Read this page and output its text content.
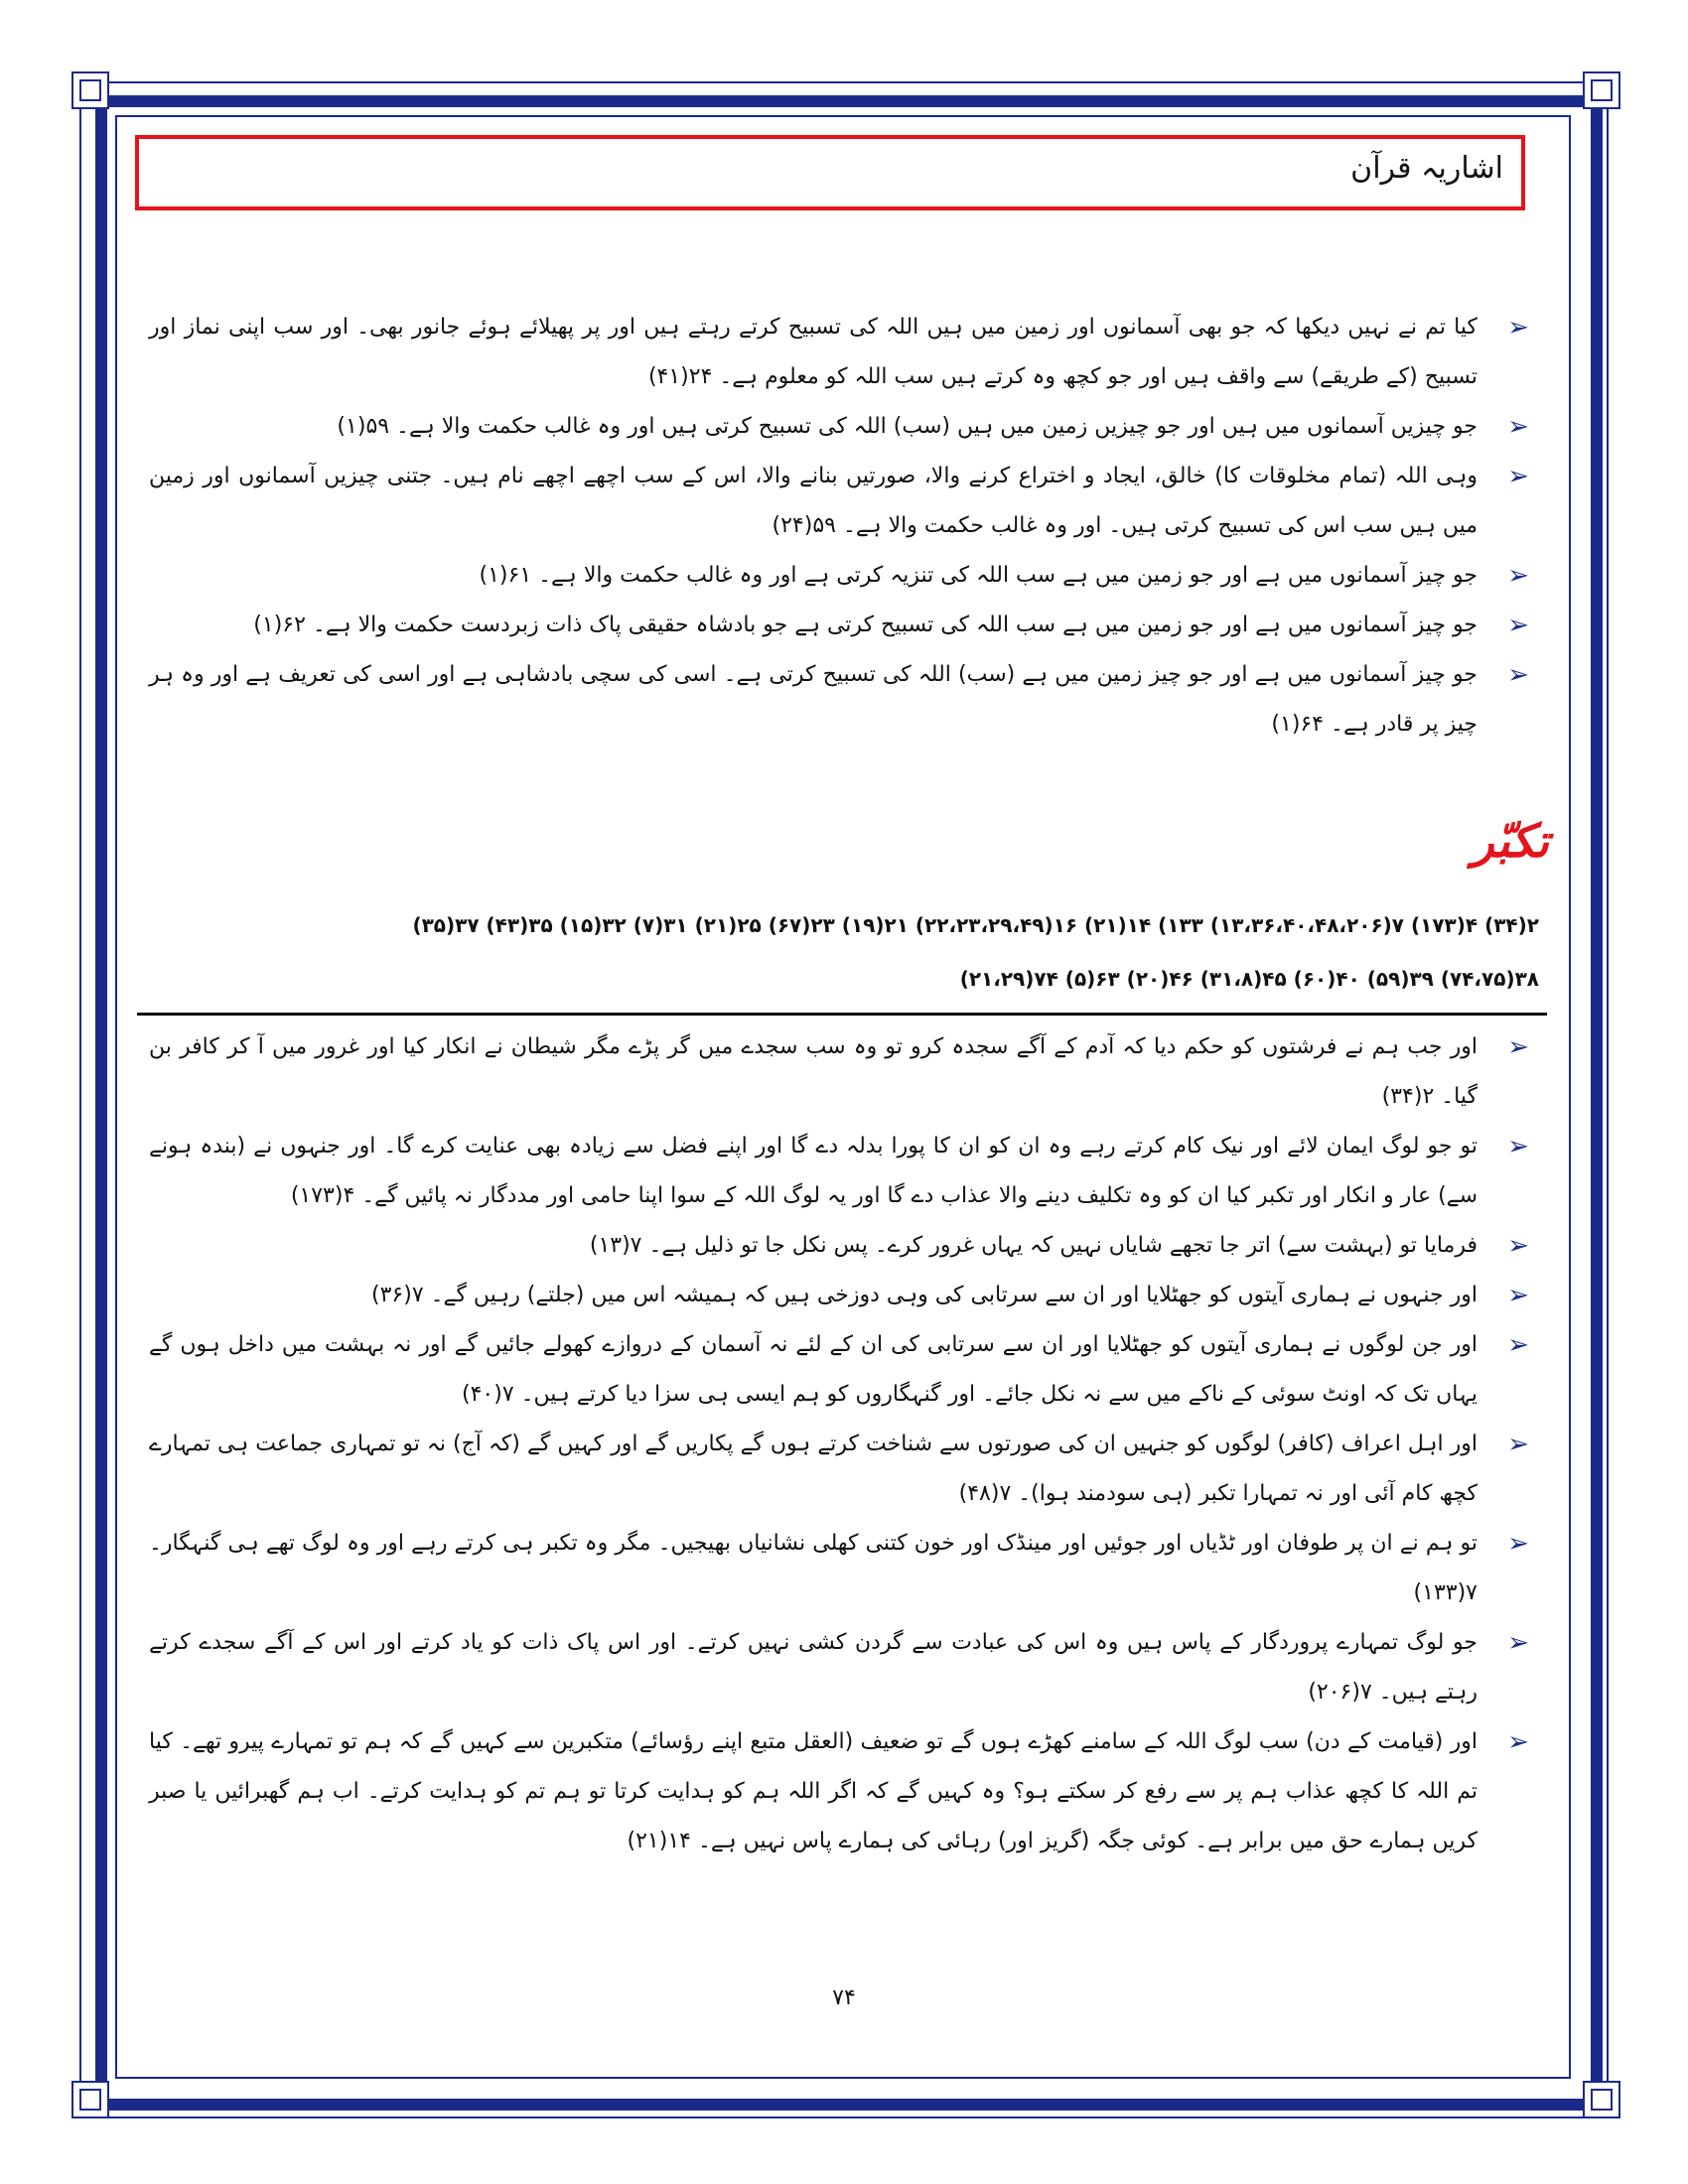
اشاریہ قرآن
➢
کیا تم نے نہیں دیکھا کہ جو بھی آسمانوں اور زمین میں ہیں اللہ کی تسبیح کرتے رہتے ہیں اور پر پھیلائے ہوئے جانور بھی۔ اور سب اپنی نماز اور تسبیح (کے طریقے) سے واقف ہیں اور جو کچھ وہ کرتے ہیں سب اللہ کو معلوم ہے۔ ۲۴(۴۱)
➢
جو چیزیں آسمانوں میں ہیں اور جو چیزیں زمین میں ہیں (سب) اللہ کی تسبیح کرتی ہیں اور وہ غالب حکمت والا ہے۔ ۵۹(۱)
➢
وہی اللہ (تمام مخلوقات کا) خالق، ایجاد و اختراع کرنے والا، صورتیں بنانے والا، اس کے سب اچھے اچھے نام ہیں۔ جتنی چیزیں آسمانوں اور زمین میں ہیں سب اس کی تسبیح کرتی ہیں۔ اور وہ غالب حکمت والا ہے۔ ۵۹(۲۴)
➢
جو چیز آسمانوں میں ہے اور جو زمین میں ہے سب اللہ کی تنزیہ کرتی ہے اور وہ غالب حکمت والا ہے۔ ۶۱(۱)
➢
جو چیز آسمانوں میں ہے اور جو زمین میں ہے سب اللہ کی تسبیح کرتی ہے جو بادشاہ حقیقی پاک ذات زبردست حکمت والا ہے۔ ۶۲(۱)
➢
جو چیز آسمانوں میں ہے اور جو چیز زمین میں ہے (سب) اللہ کی تسبیح کرتی ہے۔ اسی کی سچی بادشاہی ہے اور اسی کی تعریف ہے اور وہ ہر چیز پر قادر ہے۔ ۶۴(۱)
تکبّر
۲(۳۴) ۴(۱۷۳) ۷(۱۳،۳۶،۴۰،۴۸،۲۰۶) ۱۳۳) ۱۴(۲۱) ۱۶(۲۲،۲۳،۲۹،۴۹) ۲۱(۱۹) ۲۳(۶۷) ۲۵(۲۱) ۳۱(۷) ۳۲(۱۵) ۳۵(۴۳) ۳۷(۳۵)
۳۸(۷۴،۷۵) ۳۹(۵۹) ۴۰(۶۰) ۴۵(۳۱،۸) ۴۶(۲۰) ۶۳(۵) ۷۴(۲۱،۲۹)
➢
اور جب ہم نے فرشتوں کو حکم دیا کہ آدم کے آگے سجدہ کرو تو وہ سب سجدے میں گر پڑے مگر شیطان نے انکار کیا اور غرور میں آ کر کافر بن گیا۔ ۲(۳۴)
➢
تو جو لوگ ایمان لائے اور نیک کام کرتے رہے وہ ان کو ان کا پورا بدلہ دے گا اور اپنے فضل سے زیادہ بھی عنایت کرے گا۔ اور جنہوں نے (بندہ ہونے سے) عار و انکار اور تکبر کیا ان کو وہ تکلیف دینے والا عذاب دے گا اور یہ لوگ اللہ کے سوا اپنا حامی اور مددگار نہ پائیں گے۔ ۴(۱۷۳)
➢
فرمایا تو (بہشت سے) اتر جا تجھے شایاں نہیں کہ یہاں غرور کرے۔ پس نکل جا تو ذلیل ہے۔ ۷(۱۳)
➢
اور جنہوں نے ہماری آیتوں کو جھٹلایا اور ان سے سرتابی کی وہی دوزخی ہیں کہ ہمیشہ اس میں (جلتے) رہیں گے۔ ۷(۳۶)
➢
اور جن لوگوں نے ہماری آیتوں کو جھٹلایا اور ان سے سرتابی کی ان کے لئے نہ آسمان کے دروازے کھولے جائیں گے اور نہ بہشت میں داخل ہوں گے یہاں تک کہ اونٹ سوئی کے ناکے میں سے نہ نکل جائے۔ اور گنہگاروں کو ہم ایسی ہی سزا دیا کرتے ہیں۔ ۷(۴۰)
➢
اور اہل اعراف (کافر) لوگوں کو جنہیں ان کی صورتوں سے شناخت کرتے ہوں گے پکاریں گے اور کہیں گے (کہ آج) نہ تو تمہاری جماعت ہی تمہارے کچھ کام آئی اور نہ تمہارا تکبر (ہی سودمند ہوا)۔ ۷(۴۸)
➢
تو ہم نے ان پر طوفان اور ٹڈیاں اور جوئیں اور مینڈک اور خون کتنی کھلی نشانیاں بھیجیں۔ مگر وہ تکبر ہی کرتے رہے اور وہ لوگ تھے ہی گنہگار۔ ۷(۱۳۳)
➢
جو لوگ تمہارے پروردگار کے پاس ہیں وہ اس کی عبادت سے گردن کشی نہیں کرتے۔ اور اس پاک ذات کو یاد کرتے اور اس کے آگے سجدے کرتے رہتے ہیں۔ ۷(۲۰۶)
➢
اور (قیامت کے دن) سب لوگ اللہ کے سامنے کھڑے ہوں گے تو ضعیف (العقل متبع اپنے رؤسائے) متکبرین سے کہیں گے کہ ہم تو تمہارے پیرو تھے۔ کیا تم اللہ کا کچھ عذاب ہم پر سے رفع کر سکتے ہو؟ وہ کہیں گے کہ اگر اللہ ہم کو ہدایت کرتا تو ہم تم کو ہدایت کرتے۔ اب ہم گھبرائیں یا صبر کریں ہمارے حق میں برابر ہے۔ کوئی جگہ (گریز اور) رہائی کی ہمارے پاس نہیں ہے۔ ۱۴(۲۱)
۷۴
